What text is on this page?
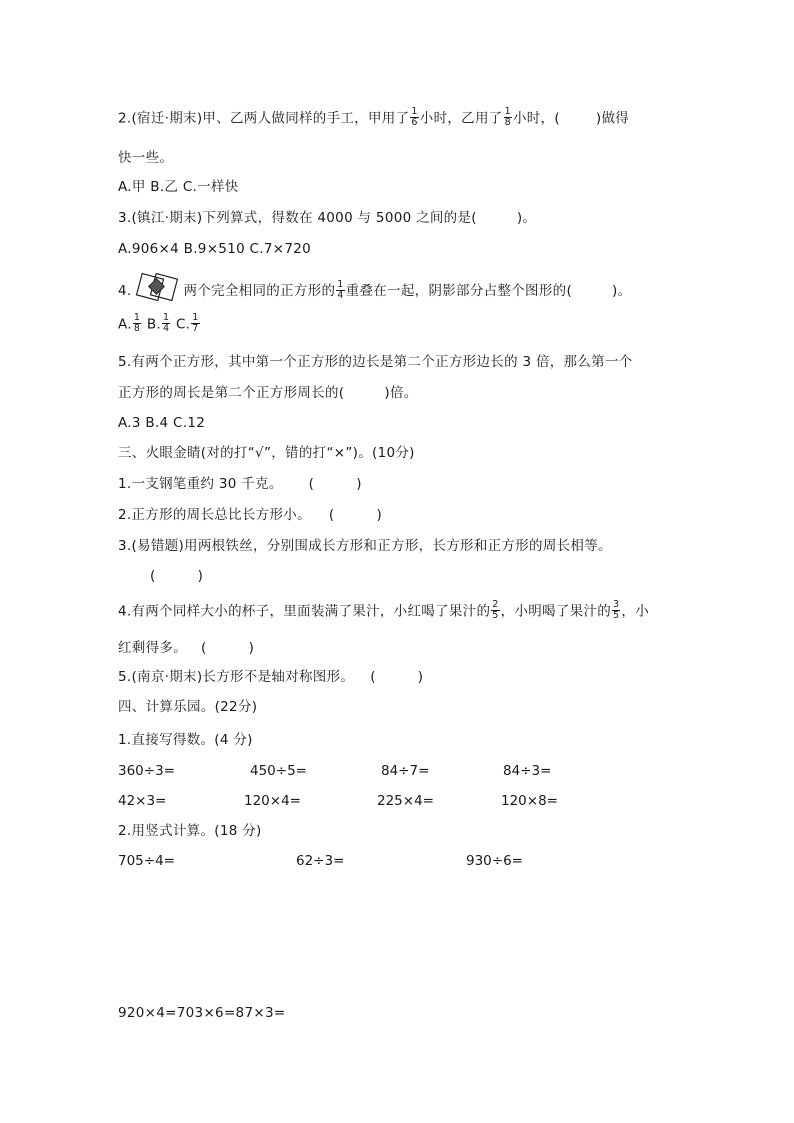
2.(宿迁·期末)甲、乙两人做同样的手工，甲用了 $\frac{1}{6}$ 小时，乙用了 $\frac{1}{8}$ 小时，(	)做得
快一些。
A.甲 B.乙 C.一样快
3.(镇江·期末)下列算式，得数在 4000 与 5000 之间的是(	)。
A.906×4 B.9×510 C.7×720
4.	两个完全相同的正方形的 $\frac{1}{4}$ 重叠在一起，阴影部分占整个图形的(	)。
A. $\frac{1}{8} B$. $\frac{1}{4} C$. $\frac{1}{7}$
5.有两个正方形，其中第一个正方形的边长是第二个正方形边长的 3 倍，那么第一个
正方形的周长是第二个正方形周长的(	)倍。
A.3 B.4 C.12
三、火眼金睛(对的打“√”，错的打“×”)。(10分)
1.一支钢笔重约 30 千克。 (	)
2.正方形的周长总比长方形小。 (	)
3.(易错题)用两根铁丝，分别围成长方形和正方形，长方形和正方形的周长相等。
(	)
4.有两个同样大小的杯子，里面装满了果汁，小红喝了果汁的 $\frac{2}{5}$ ，小明喝了果汁的 $\frac{3}{5}$ ，小
红剩得多。 (	)
5.(南京·期末)长方形不是轴对称图形。 (	)
四、计算乐园。(22分)
1.直接写得数。(4 分)
360÷3=	450÷5=	84÷7=	84÷3=
42×3=	120×4=	225×4=	120×8=
2.用竖式计算。(18 分)
705÷4=	62÷3=	930÷6=
920×4=703×6=87×3=
